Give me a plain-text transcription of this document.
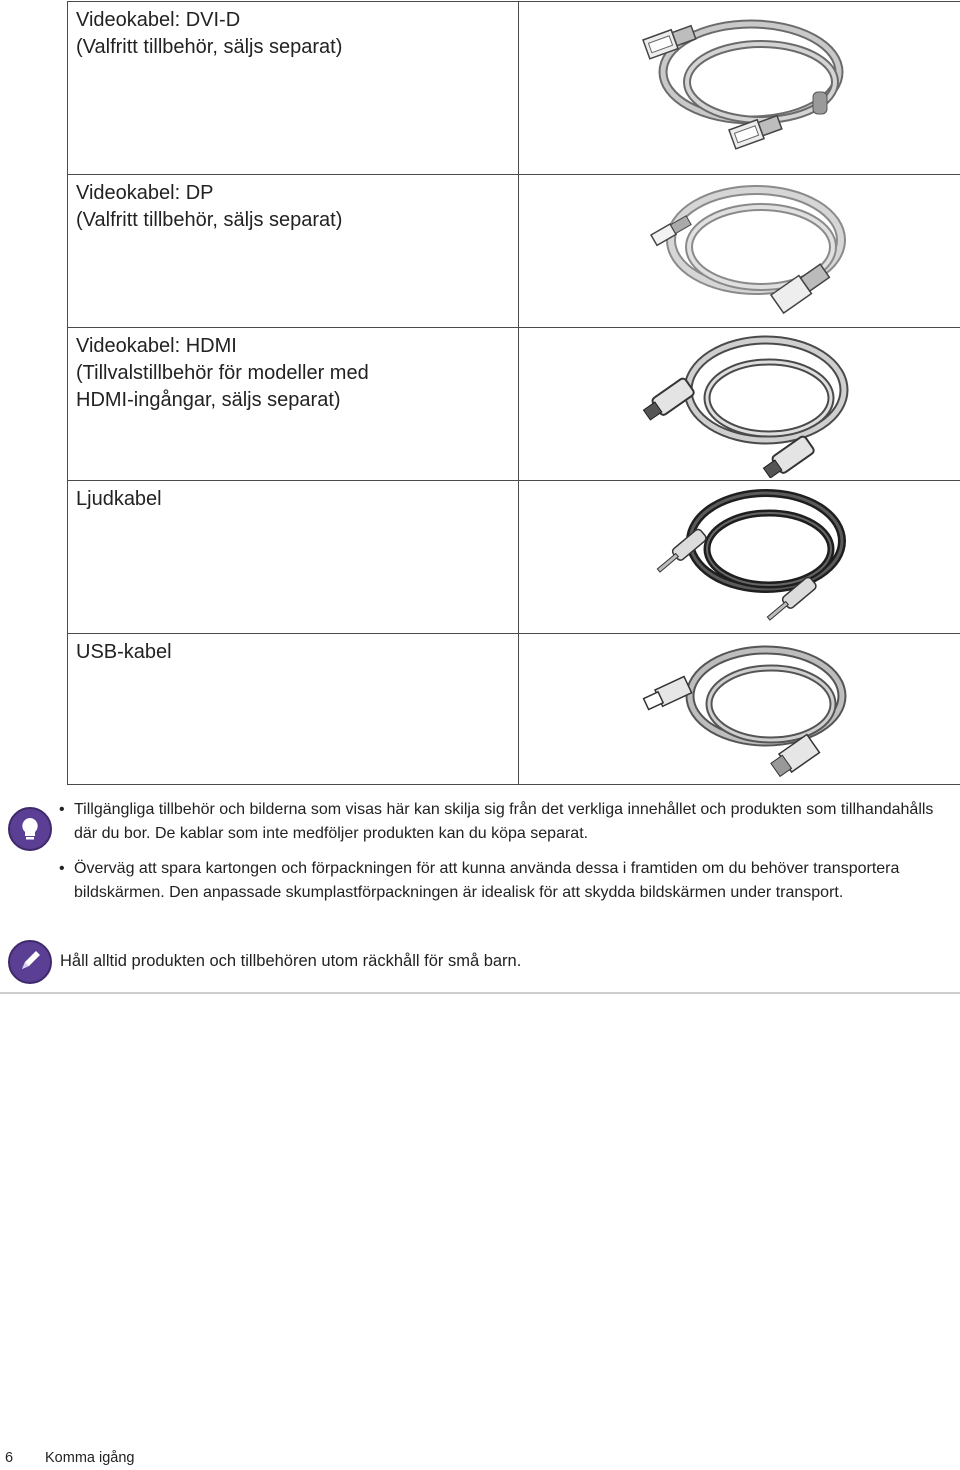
Videokabel: DVI-D
(Valfritt tillbehör, säljs separat)

Videokabel: DP
(Valfritt tillbehör, säljs separat)

Videokabel: HDMI
(Tillvalstillbehör för modeller med
HDMI-ingångar, säljs separat)

Ljudkabel

USB-kabel

• Tillgängliga tillbehör och bilderna som visas här kan skilja sig från det verkliga innehållet och produkten som tillhandahålls där du bor. De kablar som inte medföljer produkten kan du köpa separat.
• Överväg att spara kartongen och förpackningen för att kunna använda dessa i framtiden om du behöver transportera bildskärmen. Den anpassade skumplastförpackningen är idealisk för att skydda bildskärmen under transport.
Håll alltid produkten och tillbehören utom räckhåll för små barn.
6 Komma igång
